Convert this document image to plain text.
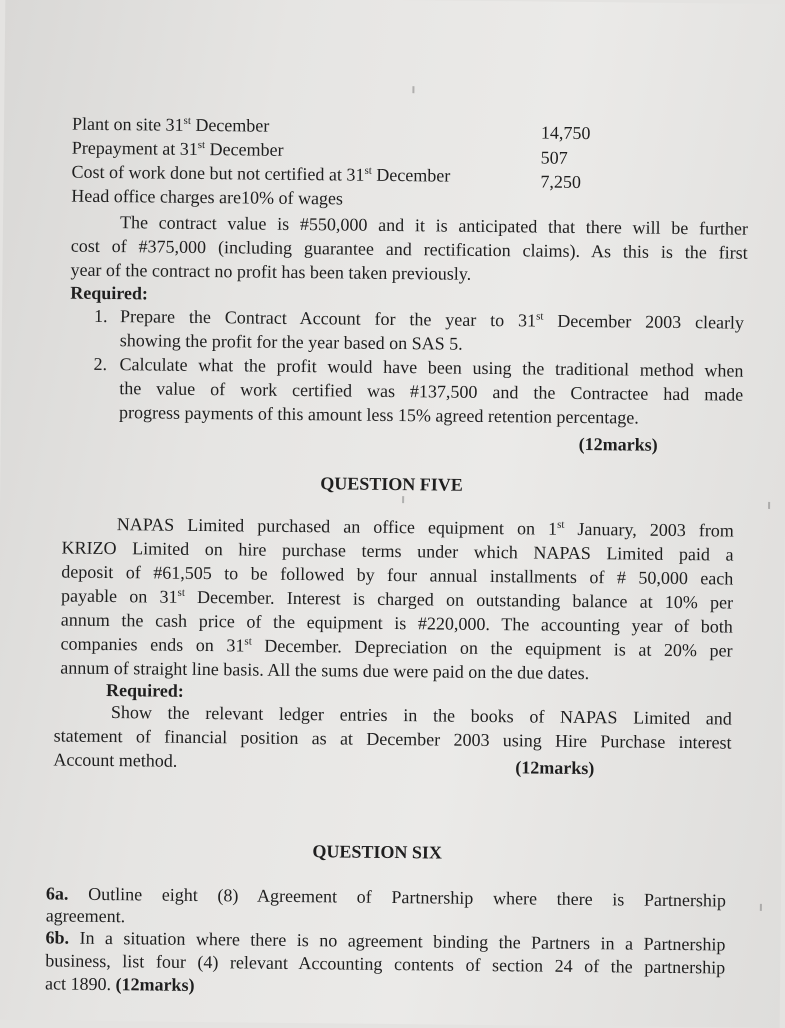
Plant on site 31st December	14,750
Prepayment at 31st December	507
Cost of work done but not certified at 31st December	7,250
Head office charges are10% of wages
The contract value is #550,000 and it is anticipated that there will be further
cost of #375,000 (including guarantee and rectification claims). As this is the first
year of the contract no profit has been taken previously.
Required:
1. Prepare the Contract Account for the year to 31st December 2003 clearly
showing the profit for the year based on SAS 5.
2. Calculate what the profit would have been using the traditional method when
the value of work certified was #137,500 and the Contractee had made
progress payments of this amount less 15% agreed retention percentage.
(12marks)
QUESTION FIVE
NAPAS Limited purchased an office equipment on 1st January, 2003 from
KRIZO Limited on hire purchase terms under which NAPAS Limited paid a
deposit of #61,505 to be followed by four annual installments of # 50,000 each
payable on 31st December. Interest is charged on outstanding balance at 10% per
annum the cash price of the equipment is #220,000. The accounting year of both
companies ends on 31st December. Depreciation on the equipment is at 20% per
annum of straight line basis. All the sums due were paid on the due dates.
Required:
Show the relevant ledger entries in the books of NAPAS Limited and
statement of financial position as at December 2003 using Hire Purchase interest
Account method.	(12marks)
QUESTION SIX
6a. Outline eight (8) Agreement of Partnership where there is Partnership
agreement.
6b. In a situation where there is no agreement binding the Partners in a Partnership
business, list four (4) relevant Accounting contents of section 24 of the partnership
act 1890. (12marks)
